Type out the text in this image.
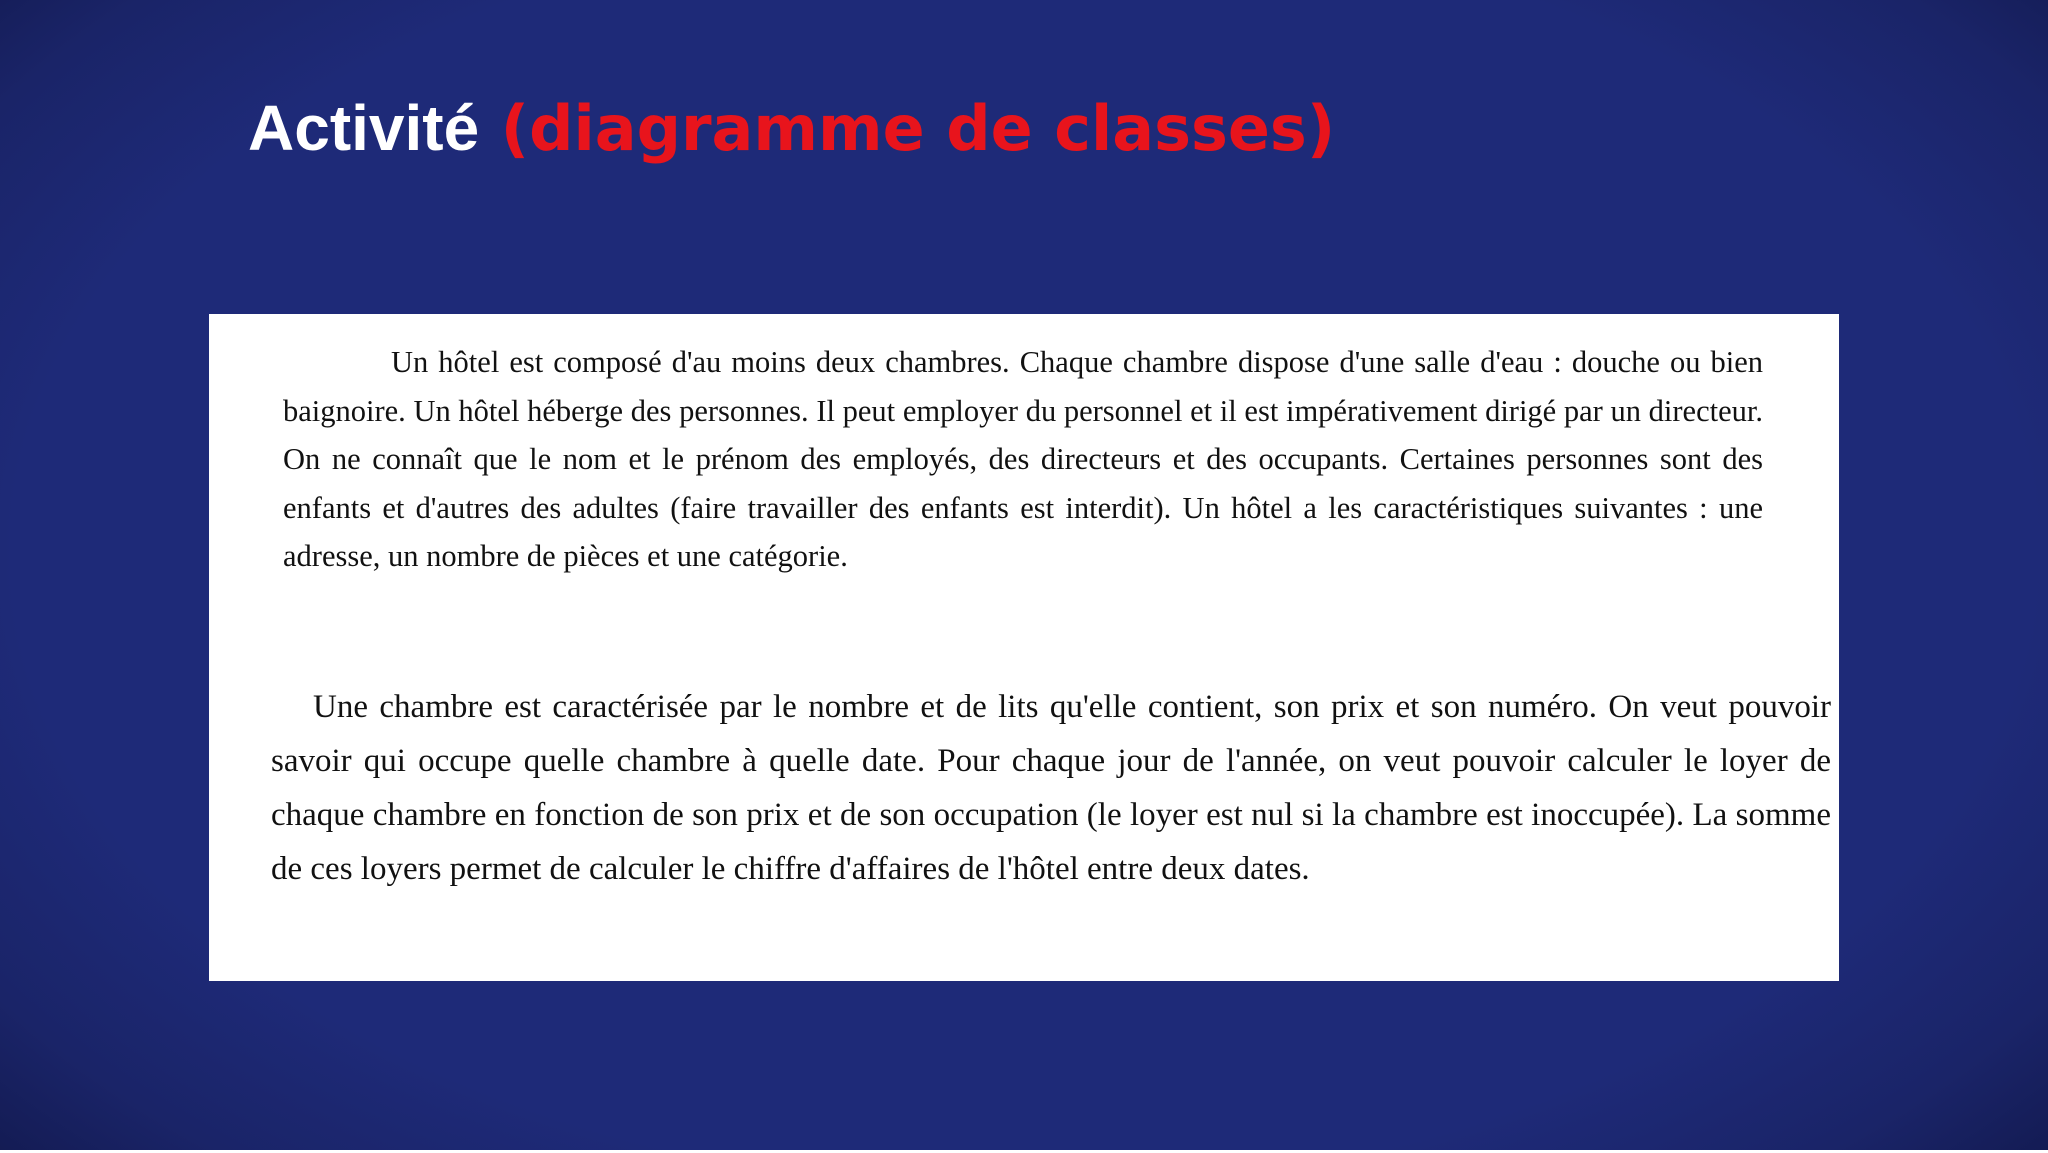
Activité (diagramme de classes)

Un hôtel est composé d'au moins deux chambres. Chaque chambre dispose d'une salle d'eau : douche ou bien baignoire. Un hôtel héberge des personnes. Il peut employer du personnel et il est impérativement dirigé par un directeur. On ne connaît que le nom et le prénom des employés, des directeurs et des occupants. Certaines personnes sont des enfants et d'autres des adultes (faire travailler des enfants est interdit). Un hôtel a les caractéristiques suivantes : une adresse, un nombre de pièces et une catégorie.

Une chambre est caractérisée par le nombre et de lits qu'elle contient, son prix et son numéro. On veut pouvoir savoir qui occupe quelle chambre à quelle date. Pour chaque jour de l'année, on veut pouvoir calculer le loyer de chaque chambre en fonction de son prix et de son occupation (le loyer est nul si la chambre est inoccupée). La somme de ces loyers permet de calculer le chiffre d'affaires de l'hôtel entre deux dates.
